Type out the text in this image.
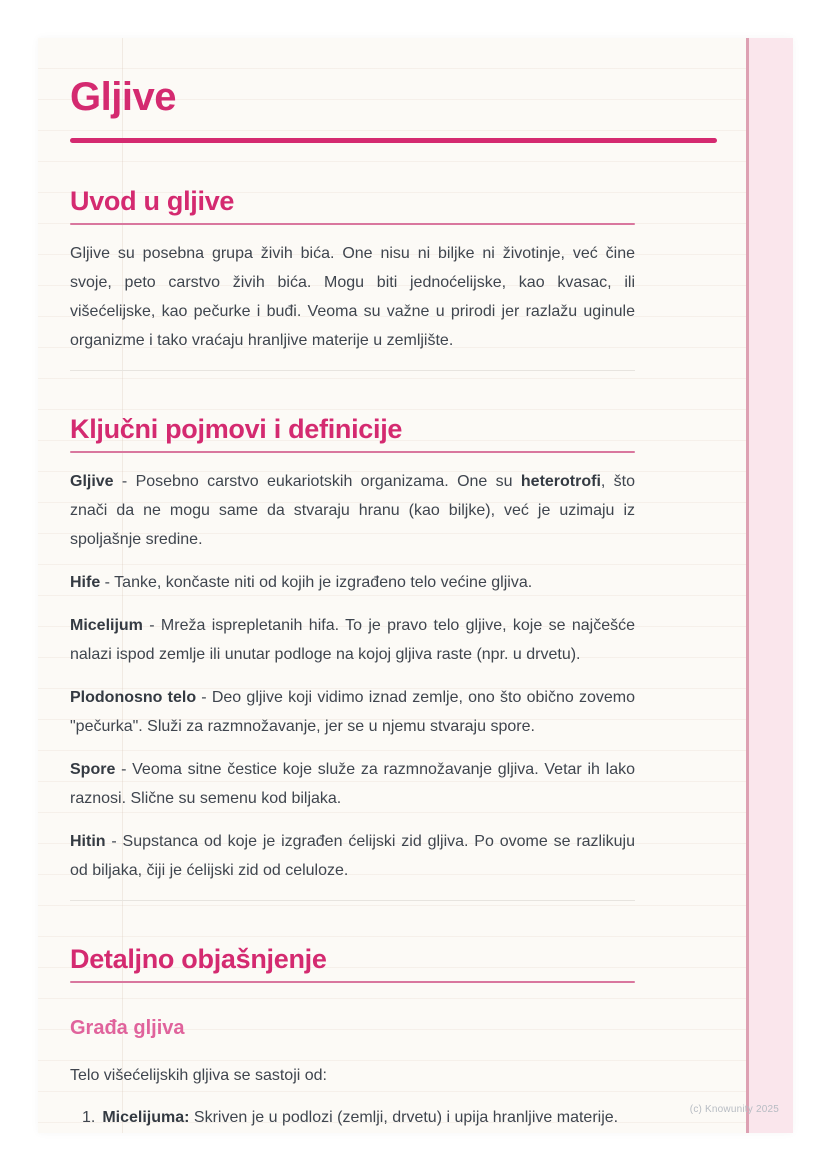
Gljive
Uvod u gljive

Gljive su posebna grupa živih bića. One nisu ni biljke ni životinje, već čine svoje, peto carstvo živih bića. Mogu biti jednoćelijske, kao kvasac, ili višećelijske, kao pečurke i buđi. Veoma su važne u prirodi jer razlažu uginule organizme i tako vraćaju hranljive materije u zemljište.

Ključni pojmovi i definicije

Gljive - Posebno carstvo eukariotskih organizama. One su heterotrofi, što znači da ne mogu same da stvaraju hranu (kao biljke), već je uzimaju iz spoljašnje sredine.

Hife - Tanke, končaste niti od kojih je izgrađeno telo većine gljiva.

Micelijum - Mreža isprepletanih hifa. To je pravo telo gljive, koje se najčešće nalazi ispod zemlje ili unutar podloge na kojoj gljiva raste (npr. u drvetu).

Plodonosno telo - Deo gljive koji vidimo iznad zemlje, ono što obično zovemo "pečurka". Služi za razmnožavanje, jer se u njemu stvaraju spore.

Spore - Veoma sitne čestice koje služe za razmnožavanje gljiva. Vetar ih lako raznosi. Slične su semenu kod biljaka.

Hitin - Supstanca od koje je izgrađen ćelijski zid gljiva. Po ovome se razlikuju od biljaka, čiji je ćelijski zid od celuloze.

Detaljno objašnjenje
Građa gljiva

Telo višećelijskih gljiva se sastoji od:

1. Micelijuma: Skriven je u podlozi (zemlji, drvetu) i upija hranljive materije.	(c) Knowunity 2025
